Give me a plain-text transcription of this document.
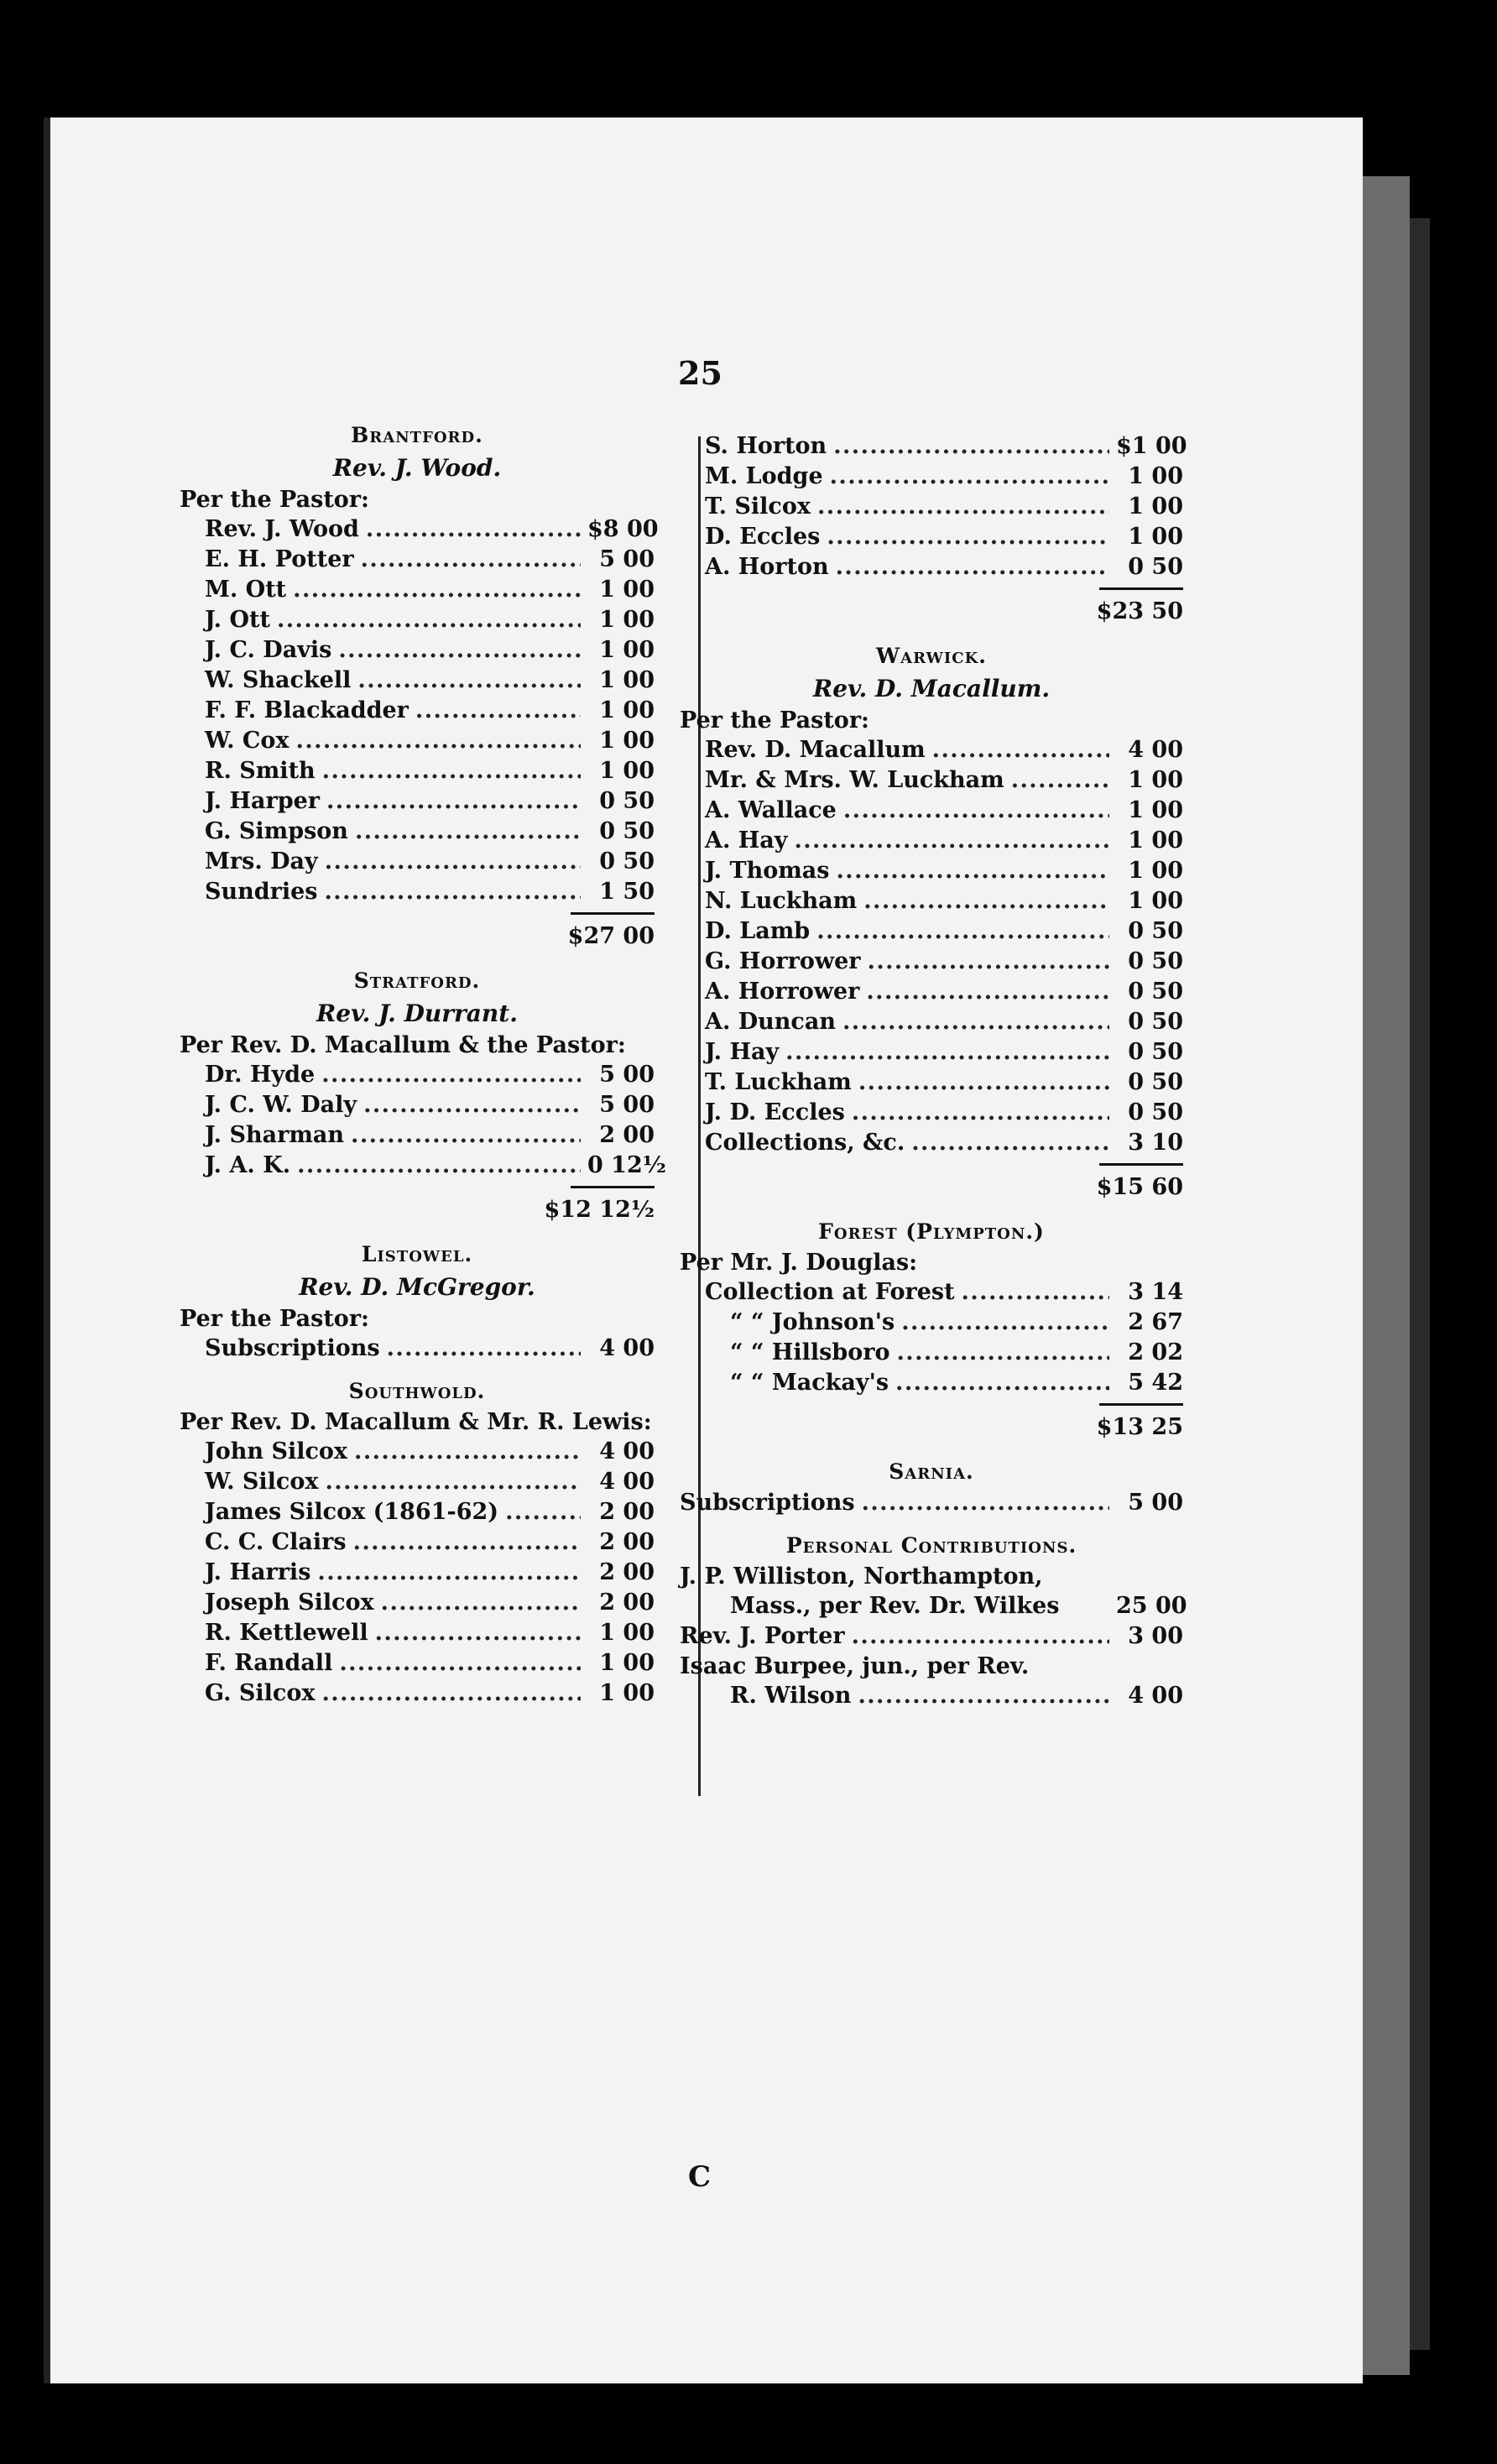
25
Brantford.
Rev. J. Wood.
Per the Pastor:
Rev. J. Wood . . .	$8 00
E. H. Potter . . .	5 00
M. Ott . . .	1 00
J. Ott . . .	1 00
J. C. Davis . . .	1 00
W. Shackell . . .	1 00
F. F. Blackadder . . .	1 00
W. Cox . . .	1 00
R. Smith . . .	1 00
J. Harper . . .	0 50
G. Simpson . . .	0 50
Mrs. Day . . .	0 50
Sundries . . .	1 50
$27 00
Stratford.
Rev. J. Durrant.
Per Rev. D. Macallum & the Pastor:
Dr. Hyde . . .	5 00
J. C. W. Daly . . .	5 00
J. Sharman . . .	2 00
J. A. K. . . .	0 12½
$12 12½
Listowel.
Rev. D. McGregor.
Per the Pastor:
Subscriptions . . .	4 00
Southwold.
Per Rev. D. Macallum & Mr. R. Lewis:
John Silcox . . .	4 00
W. Silcox . . .	4 00
James Silcox (1861-62) . . .	2 00
C. C. Clairs . . .	2 00
J. Harris . . .	2 00
Joseph Silcox . . .	2 00
R. Kettlewell . . .	1 00
F. Randall . . .	1 00
G. Silcox . . .	1 00
S. Horton . . .	$1 00
M. Lodge . . .	1 00
T. Silcox . . .	1 00
D. Eccles . . .	1 00
A. Horton . . .	0 50
$23 50
Warwick.
Rev. D. Macallum.
Per the Pastor:
Rev. D. Macallum . . .	4 00
Mr. & Mrs. W. Luckham . . .	1 00
A. Wallace . . .	1 00
A. Hay . . .	1 00
J. Thomas . . .	1 00
N. Luckham . . .	1 00
D. Lamb . . .	0 50
G. Horrower . . .	0 50
A. Horrower . . .	0 50
A. Duncan . . .	0 50
J. Hay . . .	0 50
T. Luckham . . .	0 50
J. D. Eccles . . .	0 50
Collections, &c. . . .	3 10
$15 60
Forest (Plympton.)
Per Mr. J. Douglas:
Collection at Forest . . .	3 14
“ “ Johnson's . . .	2 67
“ “ Hillsboro . . .	2 02
“ “ Mackay's . . .	5 42
$13 25
Sarnia.
Subscriptions . . .	5 00
Personal Contributions.
J. P. Williston, Northampton,
Mass., per Rev. Dr. Wilkes	25 00
Rev. J. Porter . . .	3 00
Isaac Burpee, jun., per Rev.
R. Wilson . . .	4 00
C
